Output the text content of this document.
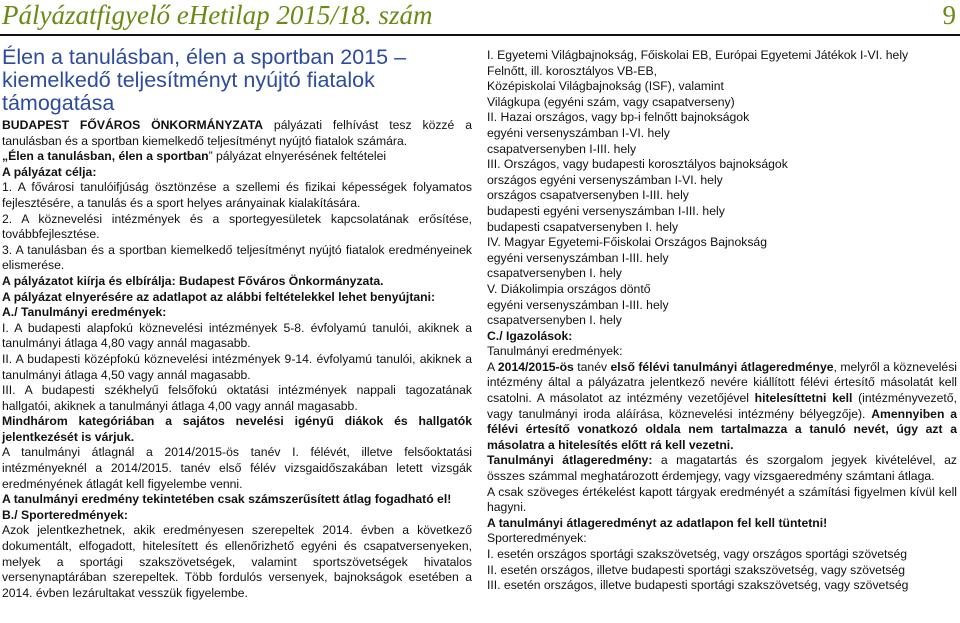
Pályázatfigyelő eHetilap 2015/18. szám	9

Élen a tanulásban, élen a sportban 2015 – kiemelkedő teljesítményt nyújtó fiatalok támogatása

BUDAPEST FŐVÁROS ÖNKORMÁNYZATA pályázati felhívást tesz közzé a tanulásban és a sportban kiemelkedő teljesítményt nyújtó fiatalok számára.

„Élen a tanulásban, élen a sportban” pályázat elnyerésének feltételei

A pályázat célja:

1. A fővárosi tanulóifjúság ösztönzése a szellemi és fizikai képességek folyamatos fejlesztésére, a tanulás és a sport helyes arányainak kialakítására.

2. A köznevelési intézmények és a sportegyesületek kapcsolatának erősítése, továbbfejlesztése.

3. A tanulásban és a sportban kiemelkedő teljesítményt nyújtó fiatalok eredményeinek elismerése.

A pályázatot kiírja és elbírálja: Budapest Főváros Önkormányzata.

A pályázat elnyerésére az adatlapot az alábbi feltételekkel lehet benyújtani:

A./ Tanulmányi eredmények:

I. A budapesti alapfokú köznevelési intézmények 5-8. évfolyamú tanulói, akiknek a tanulmányi átlaga 4,80 vagy annál magasabb.

II. A budapesti középfokú köznevelési intézmények 9-14. évfolyamú tanulói, akiknek a tanulmányi átlaga 4,50 vagy annál magasabb.

III. A budapesti székhelyű felsőfokú oktatási intézmények nappali tagozatának hallgatói, akiknek a tanulmányi átlaga 4,00 vagy annál magasabb.

Mindhárom kategóriában a sajátos nevelési igényű diákok és hallgatók jelentkezését is várjuk.

A tanulmányi átlagnál a 2014/2015-ös tanév I. félévét, illetve felsőoktatási intézményeknél a 2014/2015. tanév első félév vizsgaidőszakában letett vizsgák eredményének átlagát kell figyelembe venni.

A tanulmányi eredmény tekintetében csak számszerűsített átlag fogadható el!

B./ Sporteredmények:

Azok jelentkezhetnek, akik eredményesen szerepeltek 2014. évben a következő dokumentált, elfogadott, hitelesített és ellenőrizhető egyéni és csapatversenyeken, melyek a sportági szakszövetségek, valamint sportszövetségek hivatalos versenynaptárában szerepeltek. Több fordulós versenyek, bajnokságok esetében a 2014. évben lezárultakat vesszük figyelembe.

I. Egyetemi Világbajnokság, Főiskolai EB, Európai Egyetemi Játékok I-VI. hely

Felnőtt, ill. korosztályos VB-EB,

Középiskolai Világbajnokság (ISF), valamint

Világkupa (egyéni szám, vagy csapatverseny)

II. Hazai országos, vagy bp-i felnőtt bajnokságok

egyéni versenyszámban I-VI. hely

csapatversenyben I-III. hely

III. Országos, vagy budapesti korosztályos bajnokságok

országos egyéni versenyszámban I-VI. hely

országos csapatversenyben I-III. hely

budapesti egyéni versenyszámban I-III. hely

budapesti csapatversenyben I. hely

IV. Magyar Egyetemi-Főiskolai Országos Bajnokság

egyéni versenyszámban I-III. hely

csapatversenyben I. hely

V. Diákolimpia országos döntő

egyéni versenyszámban I-III. hely

csapatversenyben I. hely

C./ Igazolások:

Tanulmányi eredmények:

A 2014/2015-ös tanév első félévi tanulmányi átlageredménye, melyről a köznevelési intézmény által a pályázatra jelentkező nevére kiállított félévi értesítő másolatát kell csatolni. A másolatot az intézmény vezetőjével hitelesíttetni kell (intézményvezető, vagy tanulmányi iroda aláírása, köznevelési intézmény bélyegzője). Amennyiben a félévi értesítő vonatkozó oldala nem tartalmazza a tanuló nevét, úgy azt a másolatra a hitelesítés előtt rá kell vezetni.

Tanulmányi átlageredmény: a magatartás és szorgalom jegyek kivételével, az összes számmal meghatározott érdemjegy, vagy vizsgaeredmény számtani átlaga.

A csak szöveges értékelést kapott tárgyak eredményét a számítási figyelmen kívül kell hagyni.

A tanulmányi átlageredményt az adatlapon fel kell tüntetni!

Sporteredmények:

I. esetén országos sportági szakszövetség, vagy országos sportági szövetség

II. esetén országos, illetve budapesti sportági szakszövetség, vagy szövetség

III. esetén országos, illetve budapesti sportági szakszövetség, vagy szövetség
